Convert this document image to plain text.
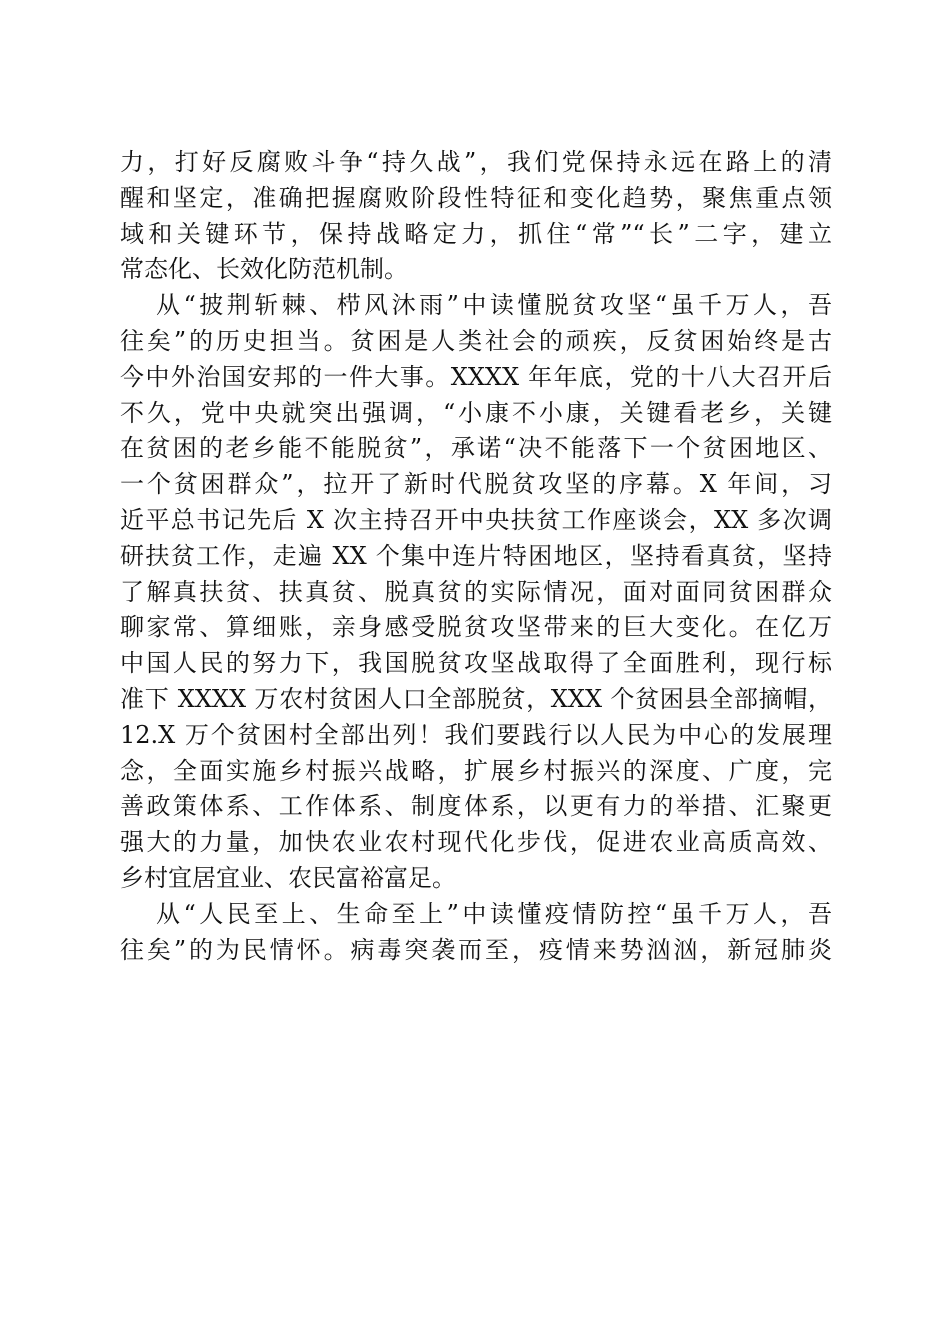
力，打好反腐败斗争“持久战”，我们党保持永远在路上的清
醒和坚定，准确把握腐败阶段性特征和变化趋势，聚焦重点领
域和关键环节，保持战略定力，抓住“常”“长”二字，建立
常态化、长效化防范机制。
从“披荆斩棘、栉风沐雨”中读懂脱贫攻坚“虽千万人，吾
往矣”的历史担当。贫困是人类社会的顽疾，反贫困始终是古
今中外治国安邦的一件大事。XXXX 年年底，党的十八大召开后
不久，党中央就突出强调，“小康不小康，关键看老乡，关键
在贫困的老乡能不能脱贫”，承诺“决不能落下一个贫困地区、
一个贫困群众”，拉开了新时代脱贫攻坚的序幕。X 年间，习
近平总书记先后 X 次主持召开中央扶贫工作座谈会，XX 多次调
研扶贫工作，走遍 XX 个集中连片特困地区，坚持看真贫，坚持
了解真扶贫、扶真贫、脱真贫的实际情况，面对面同贫困群众
聊家常、算细账，亲身感受脱贫攻坚带来的巨大变化。在亿万
中国人民的努力下，我国脱贫攻坚战取得了全面胜利，现行标
准下 XXXX 万农村贫困人口全部脱贫，XXX 个贫困县全部摘帽，
12.X 万个贫困村全部出列！我们要践行以人民为中心的发展理
念，全面实施乡村振兴战略，扩展乡村振兴的深度、广度，完
善政策体系、工作体系、制度体系，以更有力的举措、汇聚更
强大的力量，加快农业农村现代化步伐，促进农业高质高效、
乡村宜居宜业、农民富裕富足。
从“人民至上、生命至上”中读懂疫情防控“虽千万人，吾
往矣”的为民情怀。病毒突袭而至，疫情来势汹汹，新冠肺炎
